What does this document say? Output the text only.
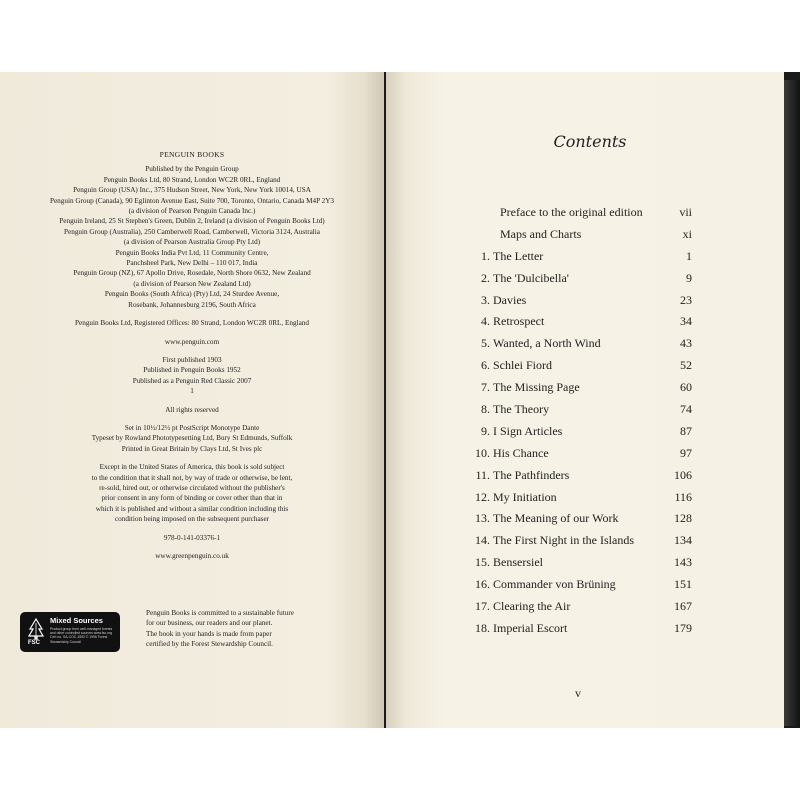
PENGUIN BOOKS
Published by the Penguin Group
Penguin Books Ltd, 80 Strand, London WC2R 0RL, England
Penguin Group (USA) Inc., 375 Hudson Street, New York, New York 10014, USA
Penguin Group (Canada), 90 Eglinton Avenue East, Suite 700, Toronto, Ontario, Canada M4P 2Y3
(a division of Pearson Penguin Canada Inc.)
Penguin Ireland, 25 St Stephen's Green, Dublin 2, Ireland (a division of Penguin Books Ltd)
Penguin Group (Australia), 250 Camberwell Road, Camberwell, Victoria 3124, Australia
(a division of Pearson Australia Group Pty Ltd)
Penguin Books India Pvt Ltd, 11 Community Centre,
Panchsheel Park, New Delhi – 110 017, India
Penguin Group (NZ), 67 Apollo Drive, Rosedale, North Shore 0632, New Zealand
(a division of Pearson New Zealand Ltd)
Penguin Books (South Africa) (Pty) Ltd, 24 Sturdee Avenue,
Rosebank, Johannesburg 2196, South Africa
Penguin Books Ltd, Registered Offices: 80 Strand, London WC2R 0RL, England
www.penguin.com
First published 1903
Published in Penguin Books 1952
Published as a Penguin Red Classic 2007
1
All rights reserved
Set in 10½/12½ pt PostScript Monotype Dante
Typeset by Rowland Phototypesetting Ltd, Bury St Edmunds, Suffolk
Printed in Great Britain by Clays Ltd, St Ives plc
Except in the United States of America, this book is sold subject
to the condition that it shall not, by way of trade or otherwise, be lent,
re-sold, hired out, or otherwise circulated without the publisher's
prior consent in any form of binding or cover other than that in
which it is published and without a similar condition including this
condition being imposed on the subsequent purchaser
978-0-141-03376-1
www.greenpenguin.co.uk
FSC
Mixed Sources
Product group from well-managed forests and other controlled sources www.fsc.org Cert no. SA-COC-1592 © 1996 Forest Stewardship Council
Penguin Books is committed to a sustainable future
for our business, our readers and our planet.
The book in your hands is made from paper
certified by the Forest Stewardship Council.
Contents
Preface to the original edition	vii
Maps and Charts	xi
1. The Letter	1
2. The 'Dulcibella'	9
3. Davies	23
4. Retrospect	34
5. Wanted, a North Wind	43
6. Schlei Fiord	52
7. The Missing Page	60
8. The Theory	74
9. I Sign Articles	87
10. His Chance	97
11. The Pathfinders	106
12. My Initiation	116
13. The Meaning of our Work	128
14. The First Night in the Islands	134
15. Bensersiel	143
16. Commander von Brüning	151
17. Clearing the Air	167
18. Imperial Escort	179
v
